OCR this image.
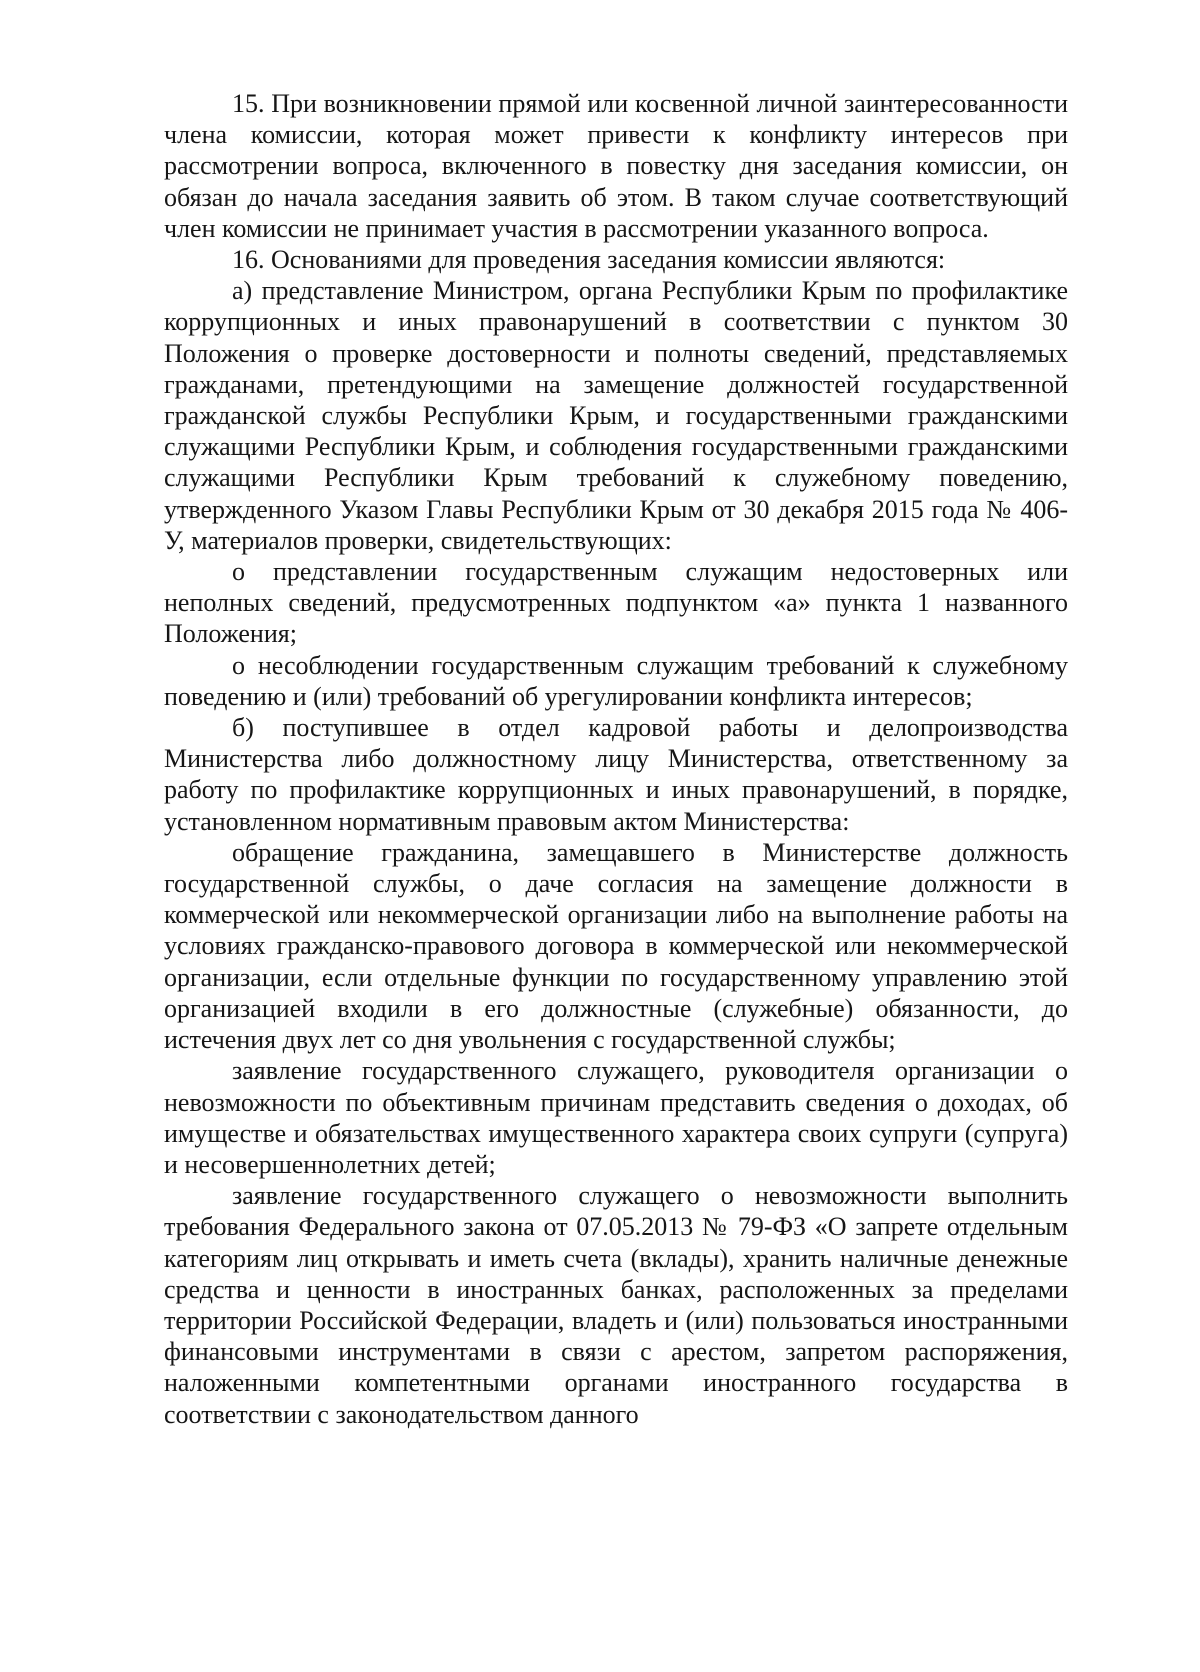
15. При возникновении прямой или косвенной личной заинтересованности члена комиссии, которая может привести к конфликту интересов при рассмотрении вопроса, включенного в повестку дня заседания комиссии, он обязан до начала заседания заявить об этом. В таком случае соответствующий член комиссии не принимает участия в рассмотрении указанного вопроса.

16. Основаниями для проведения заседания комиссии являются:

а) представление Министром, органа Республики Крым по профилактике коррупционных и иных правонарушений в соответствии с пунктом 30 Положения о проверке достоверности и полноты сведений, представляемых гражданами, претендующими на замещение должностей государственной гражданской службы Республики Крым, и государственными гражданскими служащими Республики Крым, и соблюдения государственными гражданскими служащими Республики Крым требований к служебному поведению, утвержденного Указом Главы Республики Крым от 30 декабря 2015 года № 406-У, материалов проверки, свидетельствующих:

о представлении государственным служащим недостоверных или неполных сведений, предусмотренных подпунктом «а» пункта 1 названного Положения;

о несоблюдении государственным служащим требований к служебному поведению и (или) требований об урегулировании конфликта интересов;

б) поступившее в отдел кадровой работы и делопроизводства Министерства либо должностному лицу Министерства, ответственному за работу по профилактике коррупционных и иных правонарушений, в порядке, установленном нормативным правовым актом Министерства:

обращение гражданина, замещавшего в Министерстве должность государственной службы, о даче согласия на замещение должности в коммерческой или некоммерческой организации либо на выполнение работы на условиях гражданско-правового договора в коммерческой или некоммерческой организации, если отдельные функции по государственному управлению этой организацией входили в его должностные (служебные) обязанности, до истечения двух лет со дня увольнения с государственной службы;

заявление государственного служащего, руководителя организации о невозможности по объективным причинам представить сведения о доходах, об имуществе и обязательствах имущественного характера своих супруги (супруга) и несовершеннолетних детей;

заявление государственного служащего о невозможности выполнить требования Федерального закона от 07.05.2013 № 79-ФЗ «О запрете отдельным категориям лиц открывать и иметь счета (вклады), хранить наличные денежные средства и ценности в иностранных банках, расположенных за пределами территории Российской Федерации, владеть и (или) пользоваться иностранными финансовыми инструментами в связи с арестом, запретом распоряжения, наложенными компетентными органами иностранного государства в соответствии с законодательством данного
